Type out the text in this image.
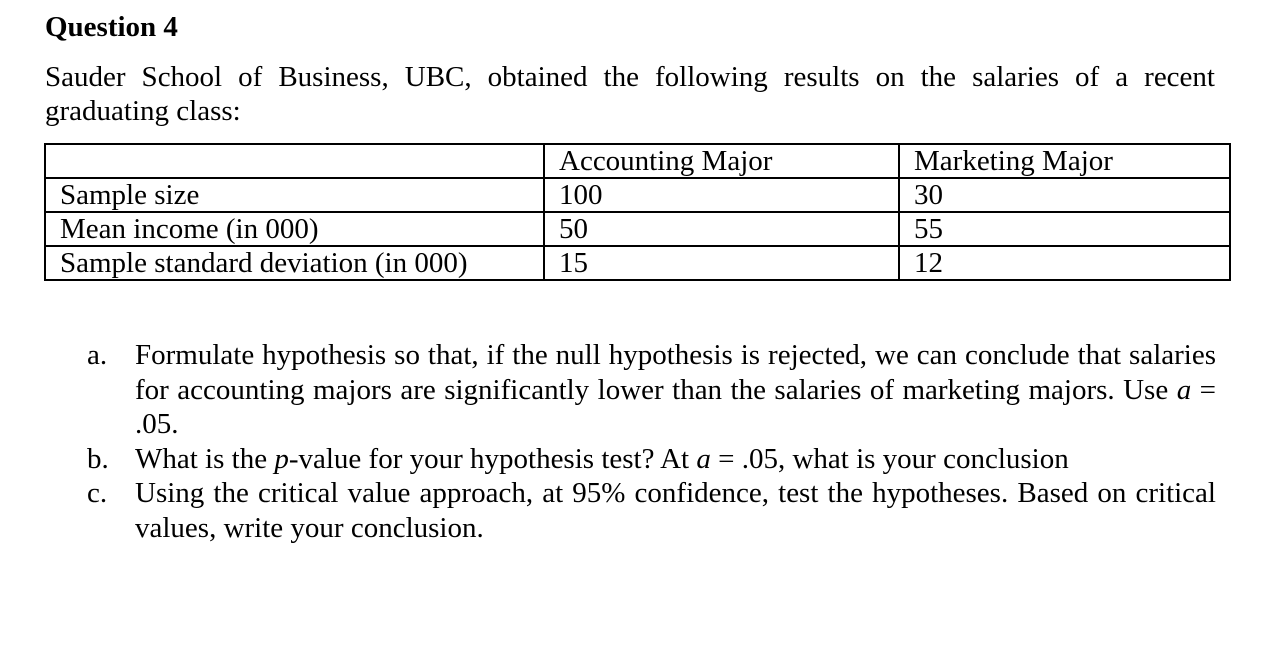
Question 4

Sauder School of Business, UBC, obtained the following results on the salaries of a recent graduating class:

	Accounting Major	Marketing Major
Sample size	100	30
Mean income (in 000)	50	55
Sample standard deviation (in 000)	15	12
a. Formulate hypothesis so that, if the null hypothesis is rejected, we can conclude that salaries for accounting majors are significantly lower than the salaries of marketing majors. Use a = .05.
b. What is the p-value for your hypothesis test? At a = .05, what is your conclusion
c. Using the critical value approach, at 95% confidence, test the hypotheses. Based on critical values, write your conclusion.
